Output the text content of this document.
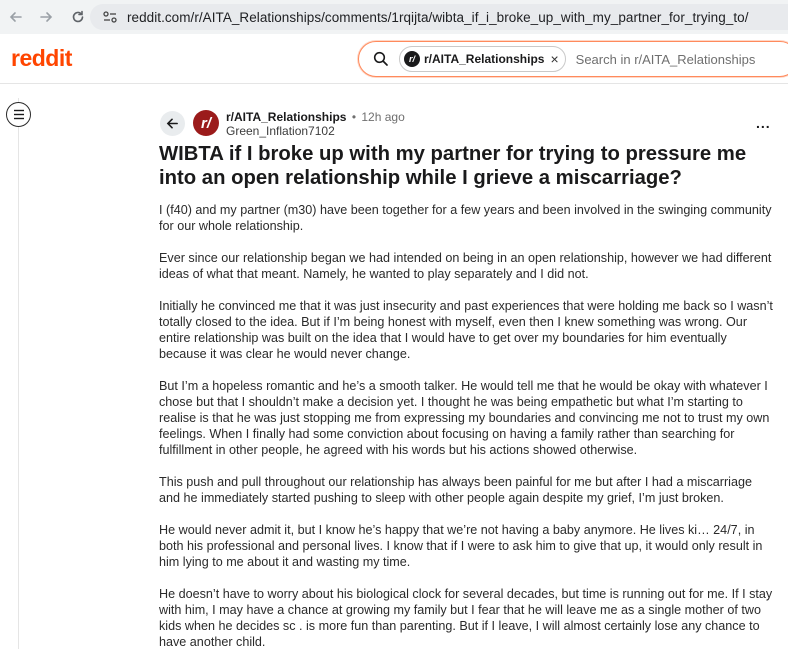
reddit.com/r/AITA_Relationships/comments/1rqijta/wibta_if_i_broke_up_with_my_partner_for_trying_to/
reddit	r/ r/AITA_Relationships ×
Search in r/AITA_Relationships
r/	r/AITA_Relationships • 12h ago
Green_Inflation7102	...
WIBTA if I broke up with my partner for trying to pressure me into an open relationship while I grieve a miscarriage?

I (f40) and my partner (m30) have been together for a few years and been involved in the swinging community for our whole relationship.

Ever since our relationship began we had intended on being in an open relationship, however we had different ideas of what that meant. Namely, he wanted to play separately and I did not.

Initially he convinced me that it was just insecurity and past experiences that were holding me back so I wasn’t totally closed to the idea. But if I’m being honest with myself, even then I knew something was wrong. Our entire relationship was built on the idea that I would have to get over my boundaries for him eventually because it was clear he would never change.

But I’m a hopeless romantic and he’s a smooth talker. He would tell me that he would be okay with whatever I chose but that I shouldn’t make a decision yet. I thought he was being empathetic but what I’m starting to realise is that he was just stopping me from expressing my boundaries and convincing me not to trust my own feelings. When I finally had some conviction about focusing on having a family rather than searching for fulfillment in other people, he agreed with his words but his actions showed otherwise.

This push and pull throughout our relationship has always been painful for me but after I had a miscarriage and he immediately started pushing to sleep with other people again despite my grief, I’m just broken.

He would never admit it, but I know he’s happy that we’re not having a baby anymore. He lives ki… 24/7, in both his professional and personal lives. I know that if I were to ask him to give that up, it would only result in him lying to me about it and wasting my time.

He doesn’t have to worry about his biological clock for several decades, but time is running out for me. If I stay with him, I may have a chance at growing my family but I fear that he will leave me as a single mother of two kids when he decides sc . is more fun than parenting. But if I leave, I will almost certainly lose any chance to have another child.
